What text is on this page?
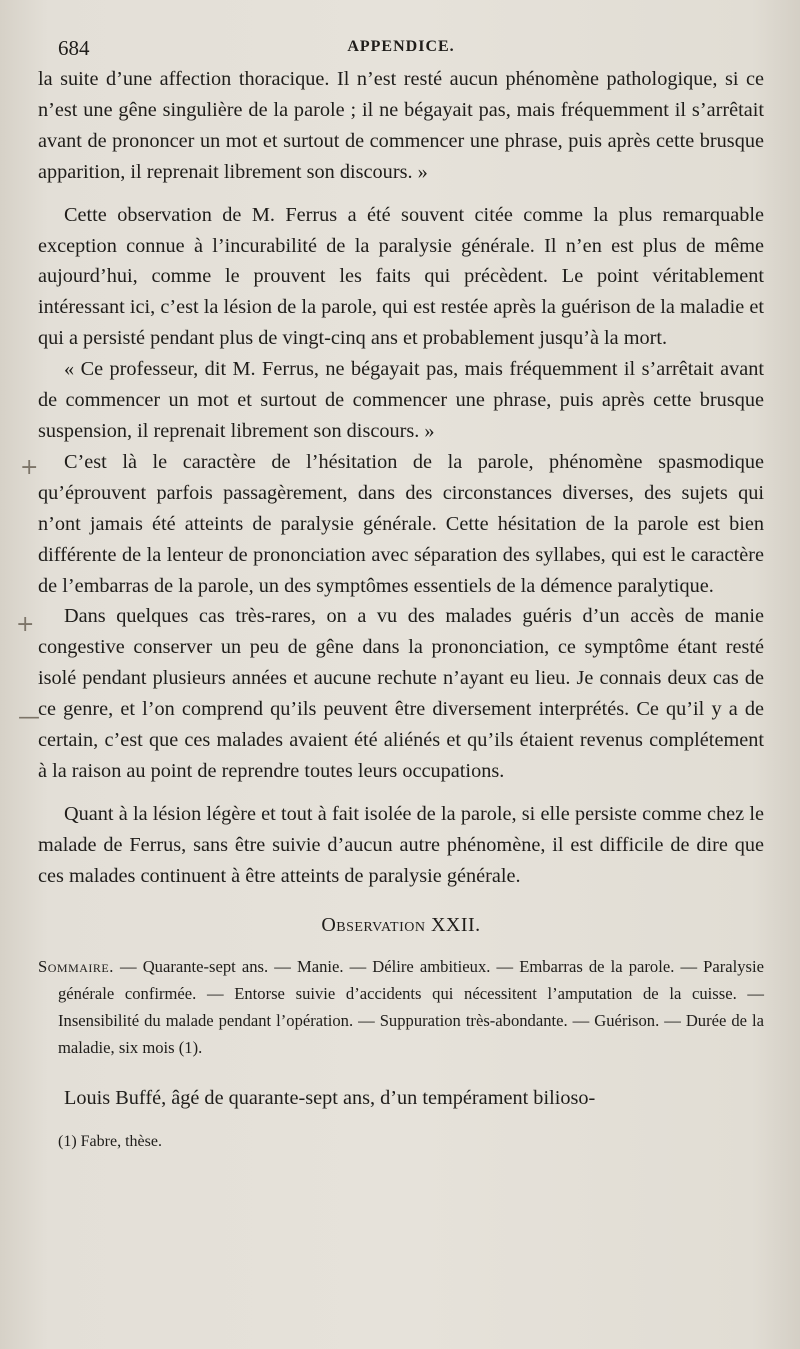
684	APPENDICE.

la suite d’une affection thoracique. Il n’est resté aucun phénomène pathologique, si ce n’est une gêne singulière de la parole ; il ne bégayait pas, mais fréquemment il s’arrêtait avant de prononcer un mot et surtout de commencer une phrase, puis après cette brusque apparition, il reprenait librement son discours. »

Cette observation de M. Ferrus a été souvent citée comme la plus remarquable exception connue à l’incurabilité de la paralysie générale. Il n’en est plus de même aujourd’hui, comme le prouvent les faits qui précèdent. Le point véritablement intéressant ici, c’est la lésion de la parole, qui est restée après la guérison de la maladie et qui a persisté pendant plus de vingt-cinq ans et probablement jusqu’à la mort.

« Ce professeur, dit M. Ferrus, ne bégayait pas, mais fréquemment il s’arrêtait avant de commencer un mot et surtout de commencer une phrase, puis après cette brusque suspension, il reprenait librement son discours. »

C’est là le caractère de l’hésitation de la parole, phénomène spasmodique qu’éprouvent parfois passagèrement, dans des circonstances diverses, des sujets qui n’ont jamais été atteints de paralysie générale. Cette hésitation de la parole est bien différente de la lenteur de prononciation avec séparation des syllabes, qui est le caractère de l’embarras de la parole, un des symptômes essentiels de la démence paralytique.

Dans quelques cas très-rares, on a vu des malades guéris d’un accès de manie congestive conserver un peu de gêne dans la prononciation, ce symptôme étant resté isolé pendant plusieurs années et aucune rechute n’ayant eu lieu. Je connais deux cas de ce genre, et l’on comprend qu’ils peuvent être diversement interprétés. Ce qu’il y a de certain, c’est que ces malades avaient été aliénés et qu’ils étaient revenus complétement à la raison au point de reprendre toutes leurs occupations.

Quant à la lésion légère et tout à fait isolée de la parole, si elle persiste comme chez le malade de Ferrus, sans être suivie d’aucun autre phénomène, il est difficile de dire que ces malades continuent à être atteints de paralysie générale.

Observation XXII.
Sommaire. — Quarante-sept ans. — Manie. — Délire ambitieux. — Embarras de la parole. — Paralysie générale confirmée. — Entorse suivie d’accidents qui nécessitent l’amputation de la cuisse. — Insensibilité du malade pendant l’opération. — Suppuration très-abondante. — Guérison. — Durée de la maladie, six mois (1).

Louis Buffé, âgé de quarante-sept ans, d’un tempérament bilioso-

(1) Fabre, thèse.
+
+
—
